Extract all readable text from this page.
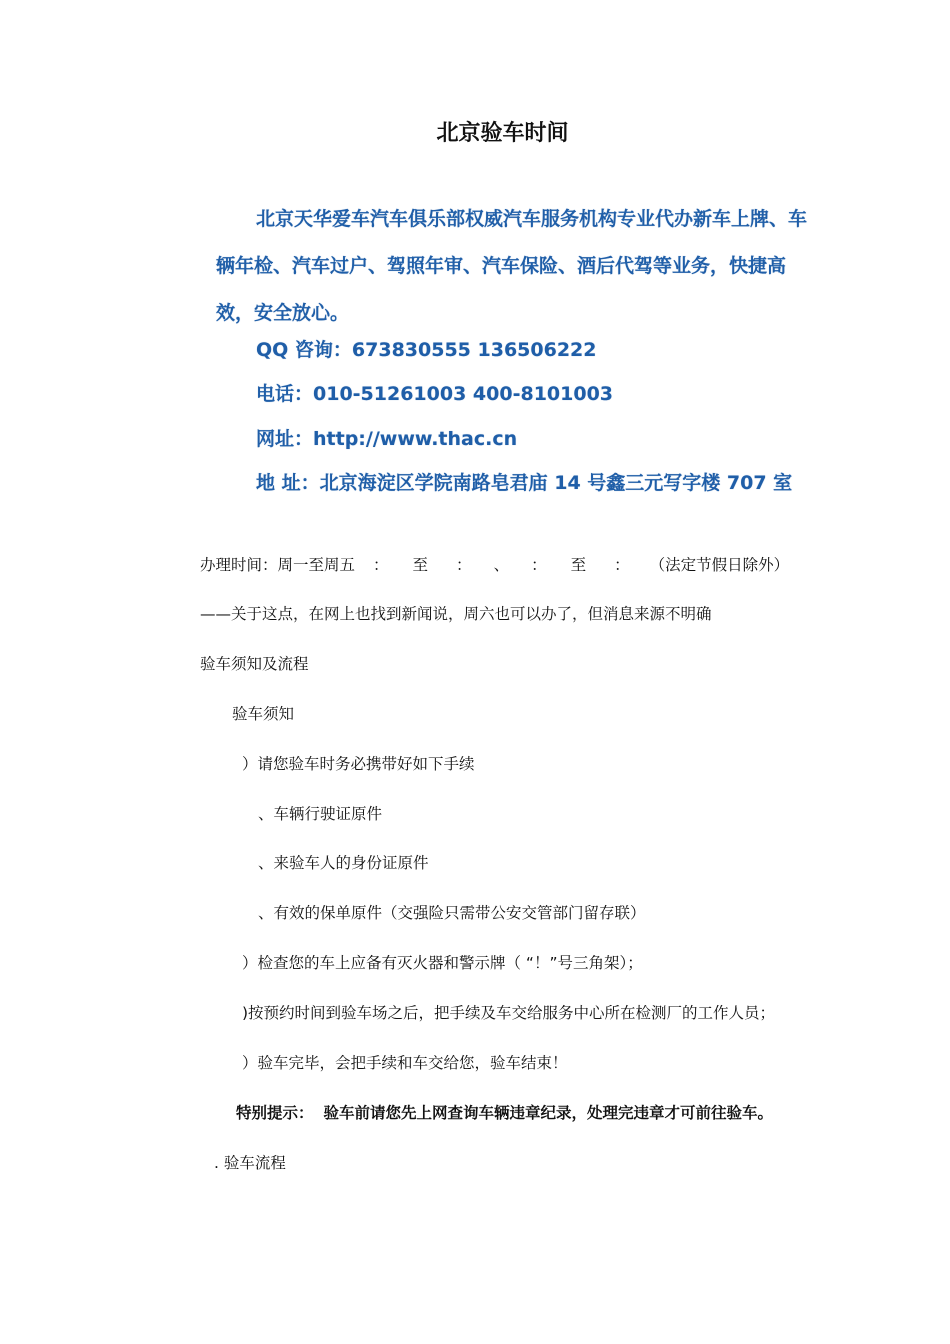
北京验车时间
北京天华爱车汽车俱乐部权威汽车服务机构专业代办新车上牌、车辆年检、汽车过户、驾照年审、汽车保险、酒后代驾等业务，快捷高效，安全放心。
QQ 咨询：673830555 136506222
电话：010-51261003 400-8101003
网址：http://www.thac.cn
地 址：北京海淀区学院南路皂君庙 14 号鑫三元写字楼 707 室
办理时间：周一至周五 ： 至 ： 、 ： 至 ： （法定节假日除外）
——关于这点，在网上也找到新闻说，周六也可以办了，但消息来源不明确
验车须知及流程
验车须知
）请您验车时务必携带好如下手续
、车辆行驶证原件
、来验车人的身份证原件
、有效的保单原件（交强险只需带公安交管部门留存联）
）检查您的车上应备有灭火器和警示牌（ “！”号三角架）；
)按预约时间到验车场之后，把手续及车交给服务中心所在检测厂的工作人员；
）验车完毕，会把手续和车交给您，验车结束！
特别提示： 验车前请您先上网查询车辆违章纪录，处理完违章才可前往验车。
. 验车流程
